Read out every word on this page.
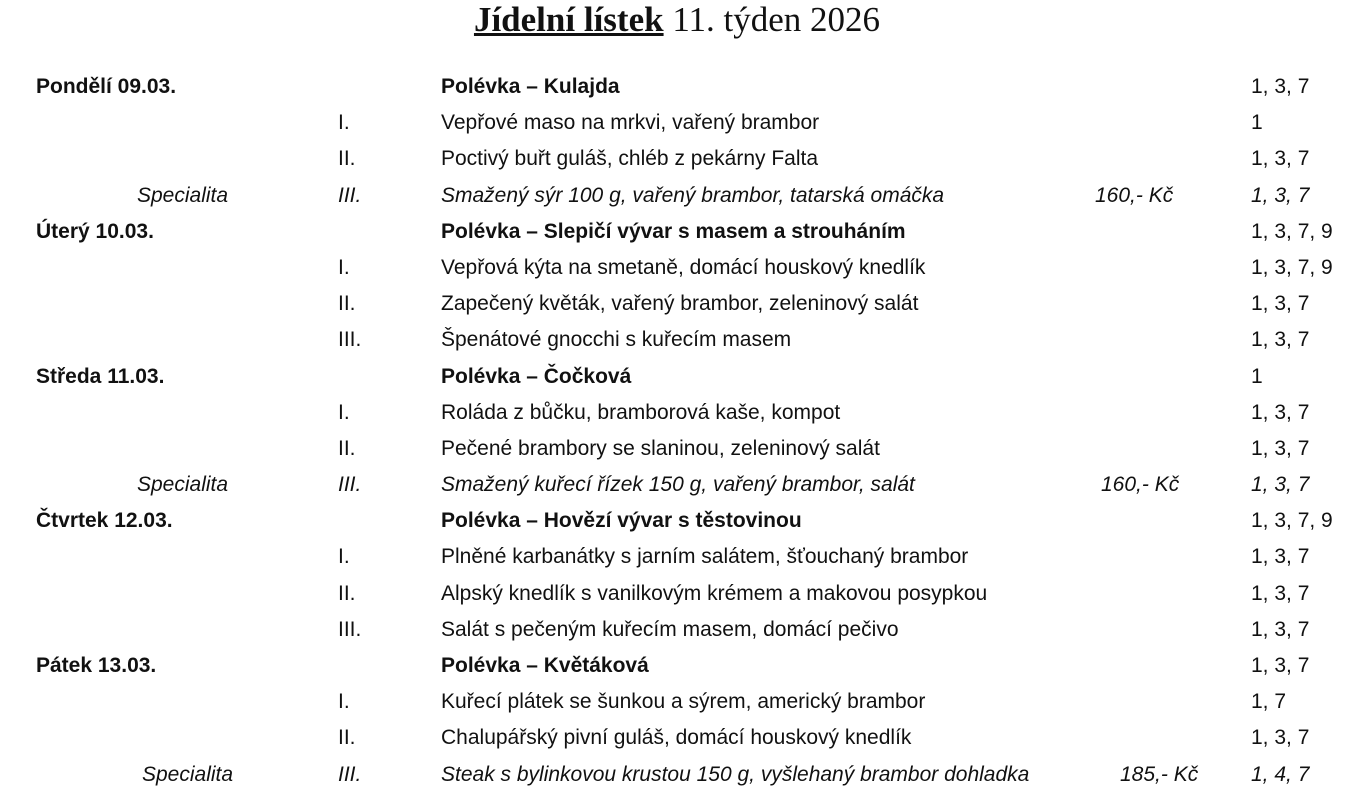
Jídelní lístek 11. týden 2026
Pondělí 09.03.	Polévka – Kulajda	1, 3, 7
I.	Vepřové maso na mrkvi, vařený brambor	1
II.	Poctivý buřt guláš, chléb z pekárny Falta	1, 3, 7
Specialita	III.	Smažený sýr 100 g, vařený brambor, tatarská omáčka	160,- Kč	1, 3, 7
Úterý 10.03.	Polévka – Slepičí vývar s masem a strouháním	1, 3, 7, 9
I.	Vepřová kýta na smetaně, domácí houskový knedlík	1, 3, 7, 9
II.	Zapečený květák, vařený brambor, zeleninový salát	1, 3, 7
III.	Špenátové gnocchi s kuřecím masem	1, 3, 7
Středa 11.03.	Polévka – Čočková	1
I.	Roláda z bůčku, bramborová kaše, kompot	1, 3, 7
II.	Pečené brambory se slaninou, zeleninový salát	1, 3, 7
Specialita	III.	Smažený kuřecí řízek 150 g, vařený brambor, salát	160,- Kč	1, 3, 7
Čtvrtek 12.03.	Polévka – Hovězí vývar s těstovinou	1, 3, 7, 9
I.	Plněné karbanátky s jarním salátem, šťouchaný brambor	1, 3, 7
II.	Alpský knedlík s vanilkovým krémem a makovou posypkou	1, 3, 7
III.	Salát s pečeným kuřecím masem, domácí pečivo	1, 3, 7
Pátek 13.03.	Polévka – Květáková	1, 3, 7
I.	Kuřecí plátek se šunkou a sýrem, americký brambor	1, 7
II.	Chalupářský pivní guláš, domácí houskový knedlík	1, 3, 7
Specialita	III.	Steak s bylinkovou krustou 150 g, vyšlehaný brambor dohladka	185,- Kč	1, 4, 7
